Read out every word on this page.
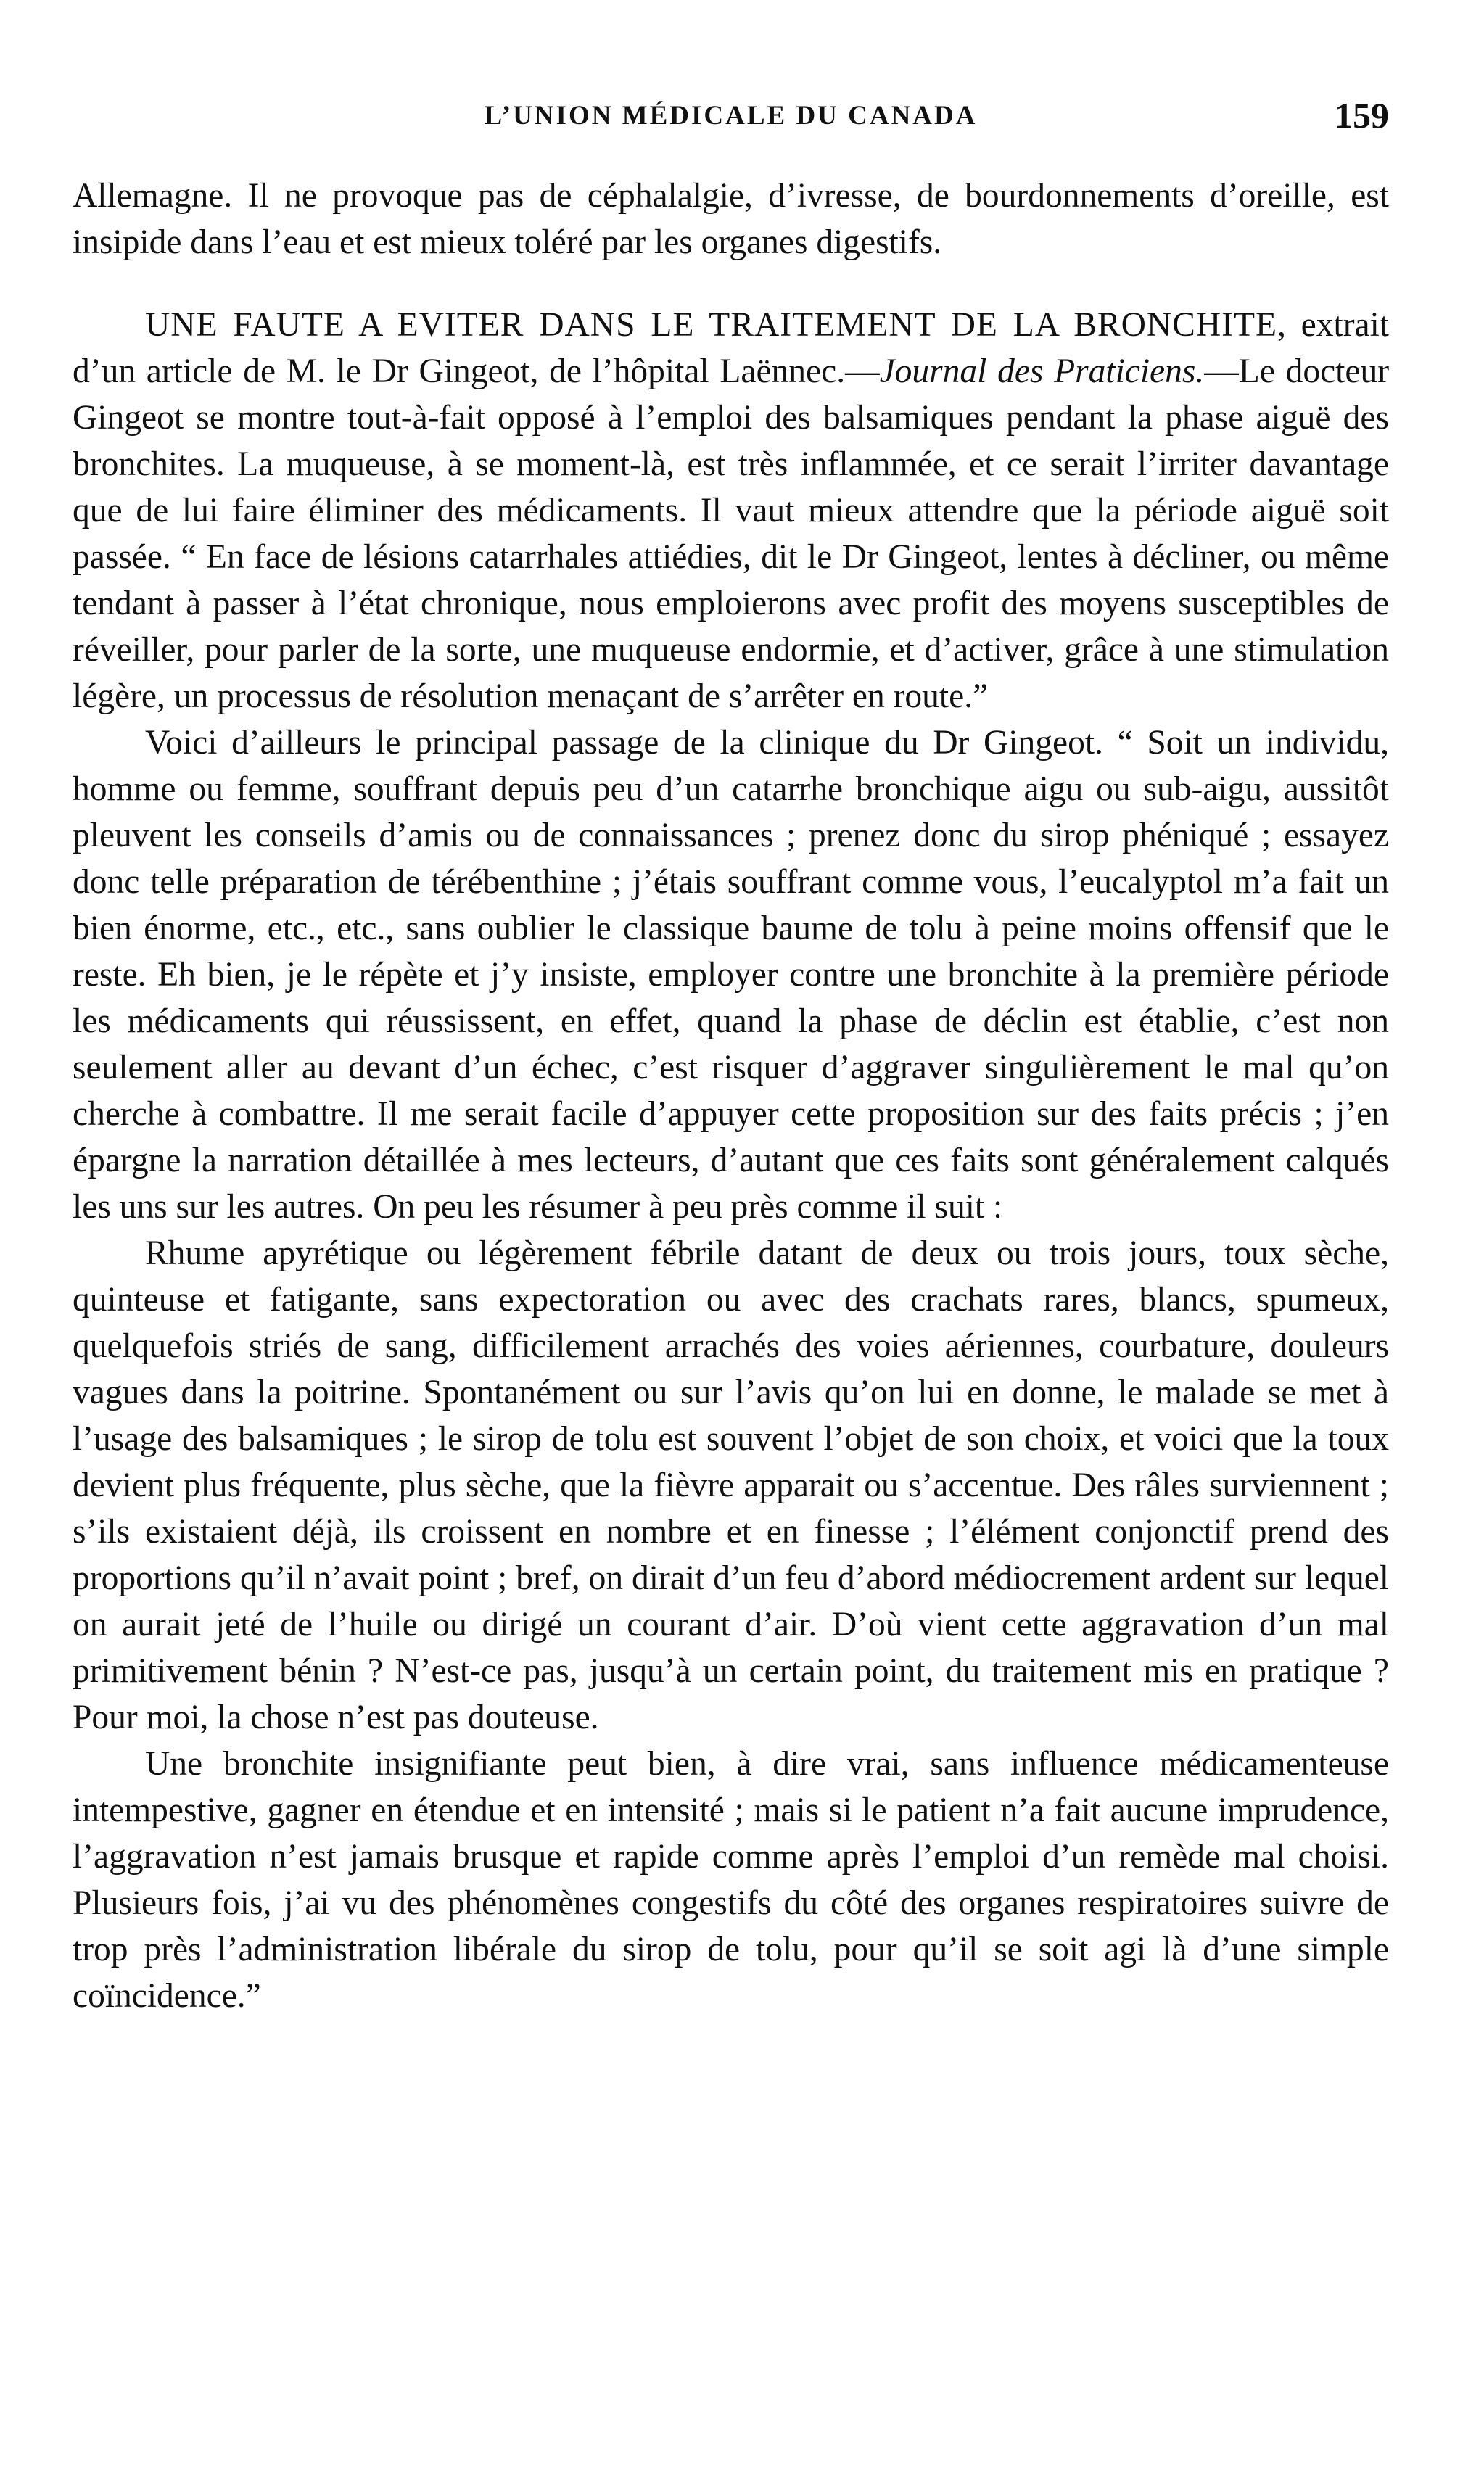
L’UNION MÉDICALE DU CANADA	159

Allemagne. Il ne provoque pas de céphalalgie, d’ivresse, de bourdonnements d’oreille, est insipide dans l’eau et est mieux toléré par les organes digestifs.

UNE FAUTE A EVITER DANS LE TRAITEMENT DE LA BRONCHITE, extrait d’un article de M. le Dr Gingeot, de l’hôpital Laënnec.—Journal des Praticiens.—Le docteur Gingeot se montre tout-à-fait opposé à l’emploi des balsamiques pendant la phase aiguë des bronchites. La muqueuse, à se moment-là, est très inflammée, et ce serait l’irriter davantage que de lui faire éliminer des médicaments. Il vaut mieux attendre que la période aiguë soit passée. “ En face de lésions catarrhales attiédies, dit le Dr Gingeot, lentes à décliner, ou même tendant à passer à l’état chronique, nous emploierons avec profit des moyens susceptibles de réveiller, pour parler de la sorte, une muqueuse endormie, et d’activer, grâce à une stimulation légère, un processus de résolution menaçant de s’arrêter en route.”

Voici d’ailleurs le principal passage de la clinique du Dr Gingeot. “ Soit un individu, homme ou femme, souffrant depuis peu d’un catarrhe bronchique aigu ou sub-aigu, aussitôt pleuvent les conseils d’amis ou de connaissances ; prenez donc du sirop phéniqué ; essayez donc telle préparation de térébenthine ; j’étais souffrant comme vous, l’eucalyptol m’a fait un bien énorme, etc., etc., sans oublier le classique baume de tolu à peine moins offensif que le reste. Eh bien, je le répète et j’y insiste, employer contre une bronchite à la première période les médicaments qui réussissent, en effet, quand la phase de déclin est établie, c’est non seulement aller au devant d’un échec, c’est risquer d’aggraver singulièrement le mal qu’on cherche à combattre. Il me serait facile d’appuyer cette proposition sur des faits précis ; j’en épargne la narration détaillée à mes lecteurs, d’autant que ces faits sont généralement calqués les uns sur les autres. On peu les résumer à peu près comme il suit :

Rhume apyrétique ou légèrement fébrile datant de deux ou trois jours, toux sèche, quinteuse et fatigante, sans expectoration ou avec des crachats rares, blancs, spumeux, quelquefois striés de sang, difficilement arrachés des voies aériennes, courbature, douleurs vagues dans la poitrine. Spontanément ou sur l’avis qu’on lui en donne, le malade se met à l’usage des balsamiques ; le sirop de tolu est souvent l’objet de son choix, et voici que la toux devient plus fréquente, plus sèche, que la fièvre apparait ou s’accentue. Des râles surviennent ; s’ils existaient déjà, ils croissent en nombre et en finesse ; l’élément conjonctif prend des proportions qu’il n’avait point ; bref, on dirait d’un feu d’abord médiocrement ardent sur lequel on aurait jeté de l’huile ou dirigé un courant d’air. D’où vient cette aggravation d’un mal primitivement bénin ? N’est-ce pas, jusqu’à un certain point, du traitement mis en pratique ? Pour moi, la chose n’est pas douteuse.

Une bronchite insignifiante peut bien, à dire vrai, sans influence médicamenteuse intempestive, gagner en étendue et en intensité ; mais si le patient n’a fait aucune imprudence, l’aggravation n’est jamais brusque et rapide comme après l’emploi d’un remède mal choisi. Plusieurs fois, j’ai vu des phénomènes congestifs du côté des organes respiratoires suivre de trop près l’administration libérale du sirop de tolu, pour qu’il se soit agi là d’une simple coïncidence.”
